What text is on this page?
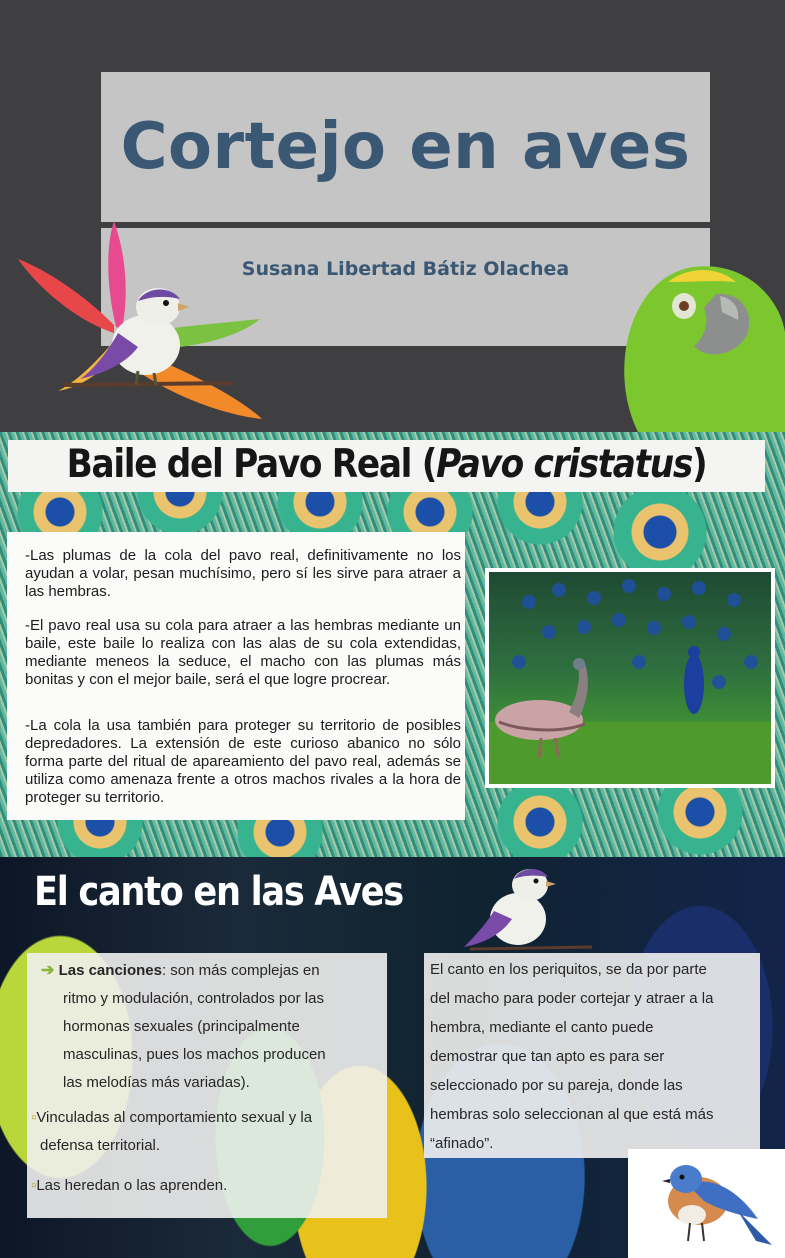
Cortejo en aves
Susana Libertad Bátiz Olachea
Baile del Pavo Real (Pavo cristatus)

-Las plumas de la cola del pavo real, definitivamente no los ayudan a volar, pesan muchísimo, pero sí les sirve para atraer a las hembras.

-El pavo real usa su cola para atraer a las hembras mediante un baile, este baile lo realiza con las alas de su cola extendidas, mediante meneos la seduce, el macho con las plumas más bonitas y con el mejor baile, será el que logre procrear.

-La cola la usa también para proteger su territorio de posibles depredadores. La extensión de este curioso abanico no sólo forma parte del ritual de apareamiento del pavo real, además se utiliza como amenaza frente a otros machos rivales a la hora de proteger su territorio.

El canto en las Aves
➔ Las canciones: son más complejas en
ritmo y modulación, controlados por las
hormonas sexuales (principalmente
masculinas, pues los machos producen
las melodías más variadas).
▫Vinculadas al comportamiento sexual y la
defensa territorial.
▫Las heredan o las aprenden.
El canto en los periquitos, se da por parte
del macho para poder cortejar y atraer a la
hembra, mediante el canto puede
demostrar que tan apto es para ser
seleccionado por su pareja, donde las
hembras solo seleccionan al que está más
“afinado”.
